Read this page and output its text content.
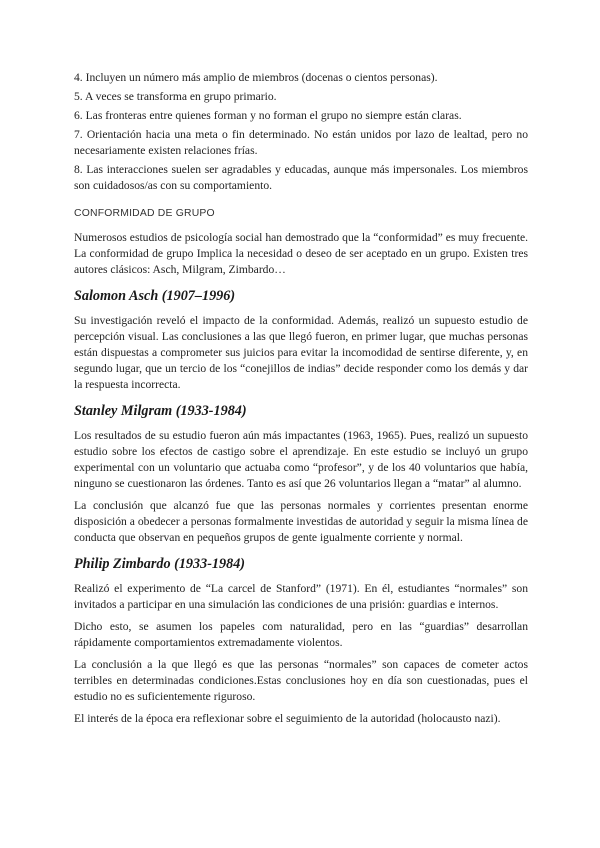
4. Incluyen un número más amplio de miembros (docenas o cientos personas).

5. A veces se transforma en grupo primario.

6. Las fronteras entre quienes forman y no forman el grupo no siempre están claras.

7. Orientación hacia una meta o fin determinado. No están unidos por lazo de lealtad, pero no necesariamente existen relaciones frías.

8. Las interacciones suelen ser agradables y educadas, aunque más impersonales. Los miembros son cuidadosos/as con su comportamiento.

CONFORMIDAD DE GRUPO

Numerosos estudios de psicología social han demostrado que la “conformidad” es muy frecuente. La conformidad de grupo Implica la necesidad o deseo de ser aceptado en un grupo. Existen tres autores clásicos: Asch, Milgram, Zimbardo…

Salomon Asch (1907–1996)

Su investigación reveló el impacto de la conformidad. Además, realizó un supuesto estudio de percepción visual. Las conclusiones a las que llegó fueron, en primer lugar, que muchas personas están dispuestas a comprometer sus juicios para evitar la incomodidad de sentirse diferente, y, en segundo lugar, que un tercio de los “conejillos de indias” decide responder como los demás y dar la respuesta incorrecta.

Stanley Milgram (1933-1984)

Los resultados de su estudio fueron aún más impactantes (1963, 1965). Pues, realizó un supuesto estudio sobre los efectos de castigo sobre el aprendizaje. En este estudio se incluyó un grupo experimental con un voluntario que actuaba como “profesor”, y de los 40 voluntarios que había, ninguno se cuestionaron las órdenes. Tanto es así que 26 voluntarios llegan a “matar” al alumno.

La conclusión que alcanzó fue que las personas normales y corrientes presentan enorme disposición a obedecer a personas formalmente investidas de autoridad y seguir la misma línea de conducta que observan en pequeños grupos de gente igualmente corriente y normal.

Philip Zimbardo (1933-1984)

Realizó el experimento de “La carcel de Stanford” (1971). En él, estudiantes “normales” son invitados a participar en una simulación las condiciones de una prisión: guardias e internos.

Dicho esto, se asumen los papeles com naturalidad, pero en las “guardias” desarrollan rápidamente comportamientos extremadamente violentos.

La conclusión a la que llegó es que las personas “normales” son capaces de cometer actos terribles en determinadas condiciones.Estas conclusiones hoy en día son cuestionadas, pues el estudio no es suficientemente riguroso.

El interés de la época era reflexionar sobre el seguimiento de la autoridad (holocausto nazi).
